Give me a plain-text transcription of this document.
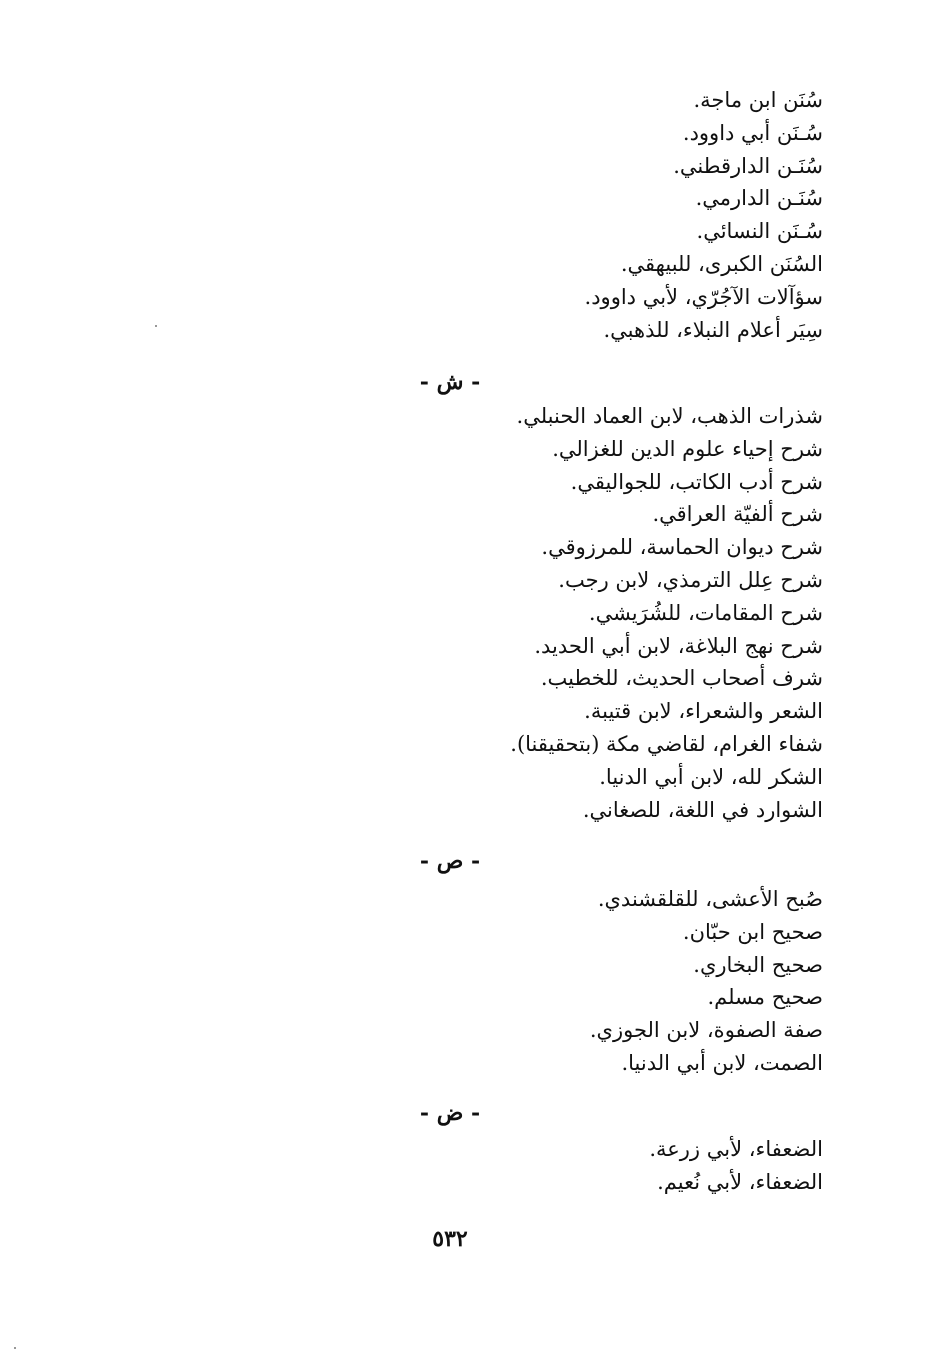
سُنَن ابن ماجة.

سُـنَن أبي داوود.

سُنَـن الدارقطني.

سُنَـن الدارمي.

سُـنَن النسائي.

السُنَن الكبرى، للبيهقي.

سؤآلات الآجُرّي، لأبي داوود.

سِيَر أعلام النبلاء، للذهبي.

- ش -

شذرات الذهب، لابن العماد الحنبلي.

شرح إحياء علوم الدين للغزالي.

شرح أدب الكاتب، للجواليقي.

شرح ألفيّة العراقي.

شرح ديوان الحماسة، للمرزوقي.

شرح عِلل الترمذي، لابن رجب.

شرح المقامات، للشُرَيشي.

شرح نهج البلاغة، لابن أبي الحديد.

شرف أصحاب الحديث، للخطيب.

الشعر والشعراء، لابن قتيبة.

شفاء الغرام، لقاضي مكة (بتحقيقنا).

الشكر لله، لابن أبي الدنيا.

الشوارد في اللغة، للصغاني.

- ص -

صُبح الأعشى، للقلقشندي.

صحيح ابن حبّان.

صحيح البخاري.

صحيح مسلم.

صفة الصفوة، لابن الجوزي.

الصمت، لابن أبي الدنيا.

- ض -

الضعفاء، لأبي زرعة.

الضعفاء، لأبي نُعيم.

٥٣٢
